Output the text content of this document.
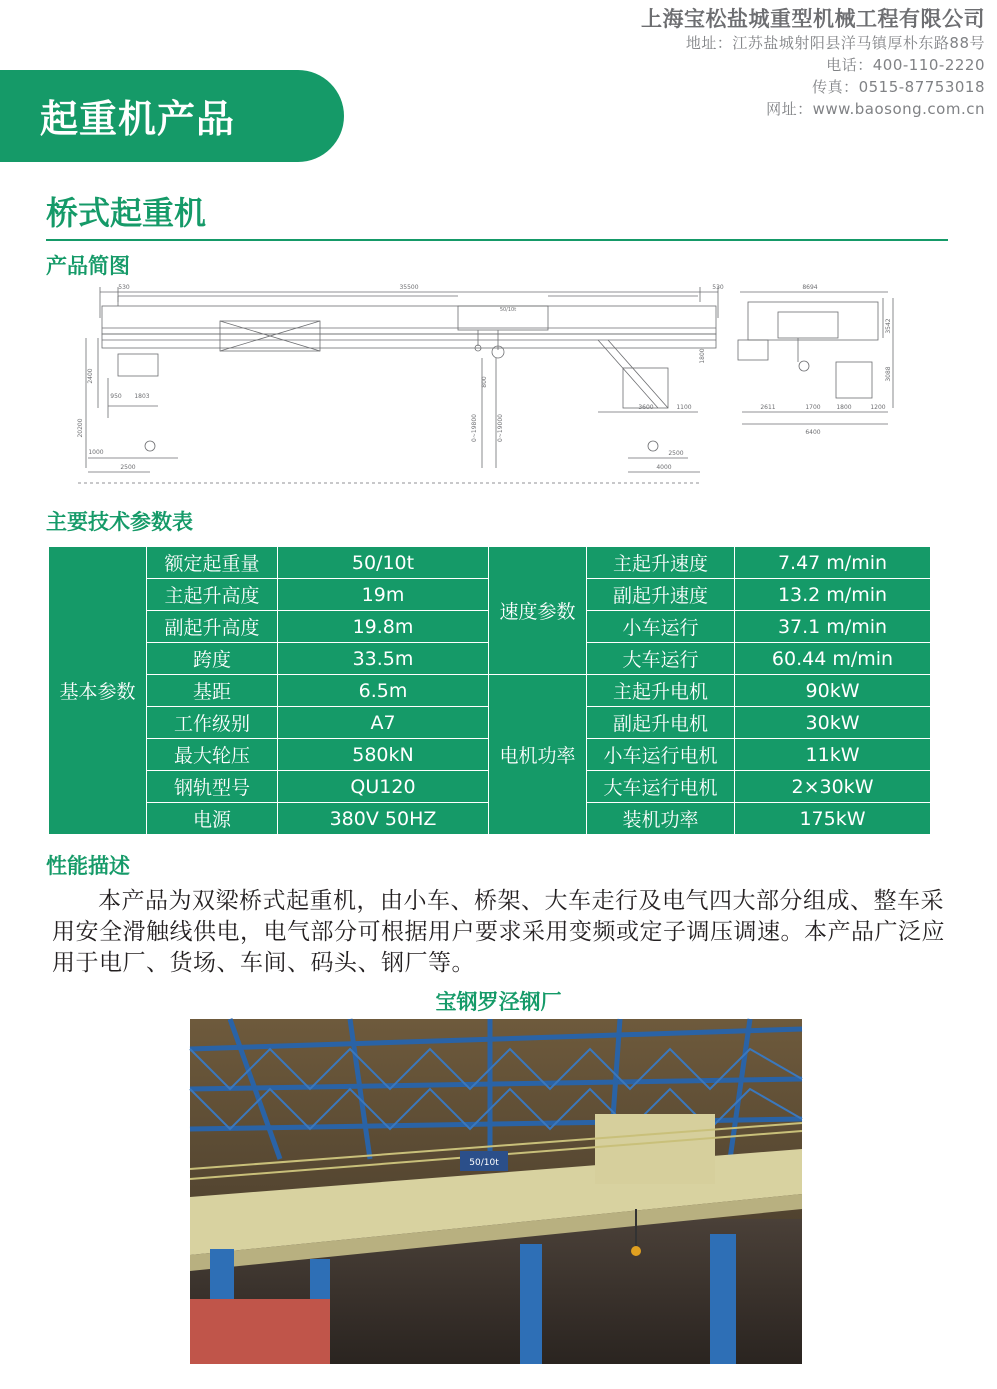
上海宝松盐城重型机械工程有限公司
地址：江苏盐城射阳县洋马镇厚朴东路88号
电话：400-110-2220
传真：0515-87753018
网址：www.baosong.com.cn
起重机产品
桥式起重机
产品简图
530	35500	530	8694
50/10t
2400
950 1803
20200
1000
2500
800
0~19800	0~19000
1800
3600	1100
2500
4000
2611	1700	1800	1200
6400
3542
3088
主要技术参数表
基本参数	额定起重量	50/10t	速度参数	主起升速度	7.47 m/min
	主起升高度	19m		副起升速度	13.2 m/min
	副起升高度	19.8m		小车运行	37.1 m/min
	跨度	33.5m		大车运行	60.44 m/min
	基距	6.5m	电机功率	主起升电机	90kW
	工作级别	A7		副起升电机	30kW
	最大轮压	580kN		小车运行电机	11kW
	钢轨型号	QU120		大车运行电机	2×30kW
	电源	380V 50HZ		装机功率	175kW
性能描述

本产品为双梁桥式起重机，由小车、桥架、大车走行及电气四大部分组成、整车采用安全滑触线供电，电气部分可根据用户要求采用变频或定子调压调速。本产品广泛应用于电厂、货场、车间、码头、钢厂等。

宝钢罗泾钢厂
50/10t
